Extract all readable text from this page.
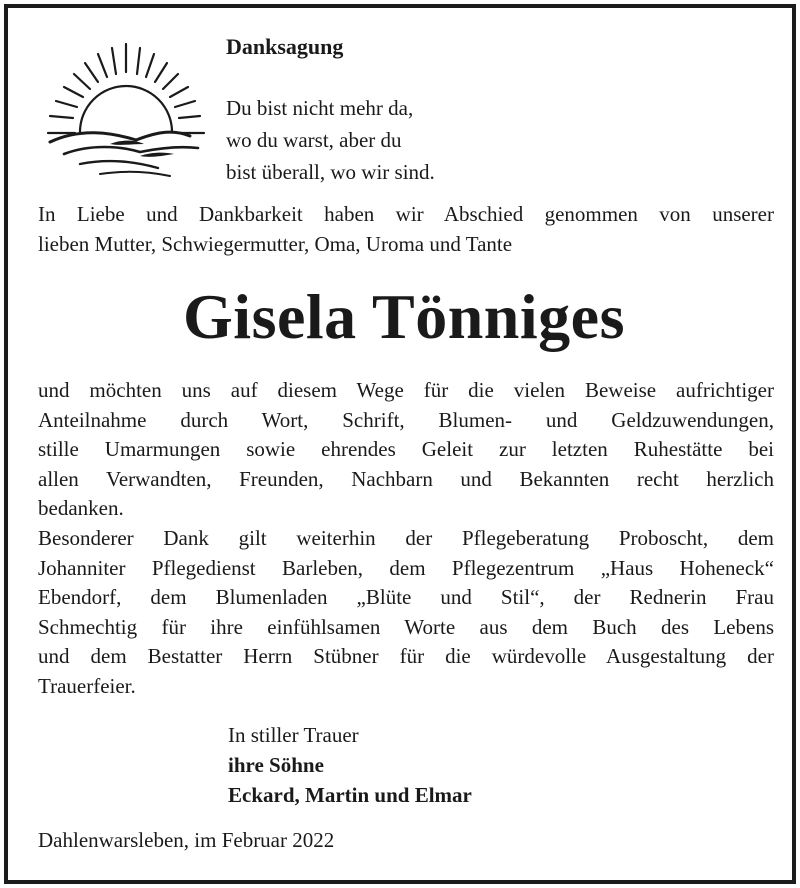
Danksagung
Du bist nicht mehr da,
wo du warst, aber du
bist überall, wo wir sind.
In Liebe und Dankbarkeit haben wir Abschied genommen von unserer
lieben Mutter, Schwiegermutter, Oma, Uroma und Tante
Gisela Tönniges
und möchten uns auf diesem Wege für die vielen Beweise aufrichtiger
Anteilnahme durch Wort, Schrift, Blumen- und Geldzuwendungen,
stille Umarmungen sowie ehrendes Geleit zur letzten Ruhestätte bei
allen Verwandten, Freunden, Nachbarn und Bekannten recht herzlich
bedanken.
Besonderer Dank gilt weiterhin der Pflegeberatung Proboscht, dem
Johanniter Pflegedienst Barleben, dem Pflegezentrum „Haus Hoheneck“
Ebendorf, dem Blumenladen „Blüte und Stil“, der Rednerin Frau
Schmechtig für ihre einfühlsamen Worte aus dem Buch des Lebens
und dem Bestatter Herrn Stübner für die würdevolle Ausgestaltung der
Trauerfeier.
In stiller Trauer
ihre Söhne
Eckard, Martin und Elmar
Dahlenwarsleben, im Februar 2022
